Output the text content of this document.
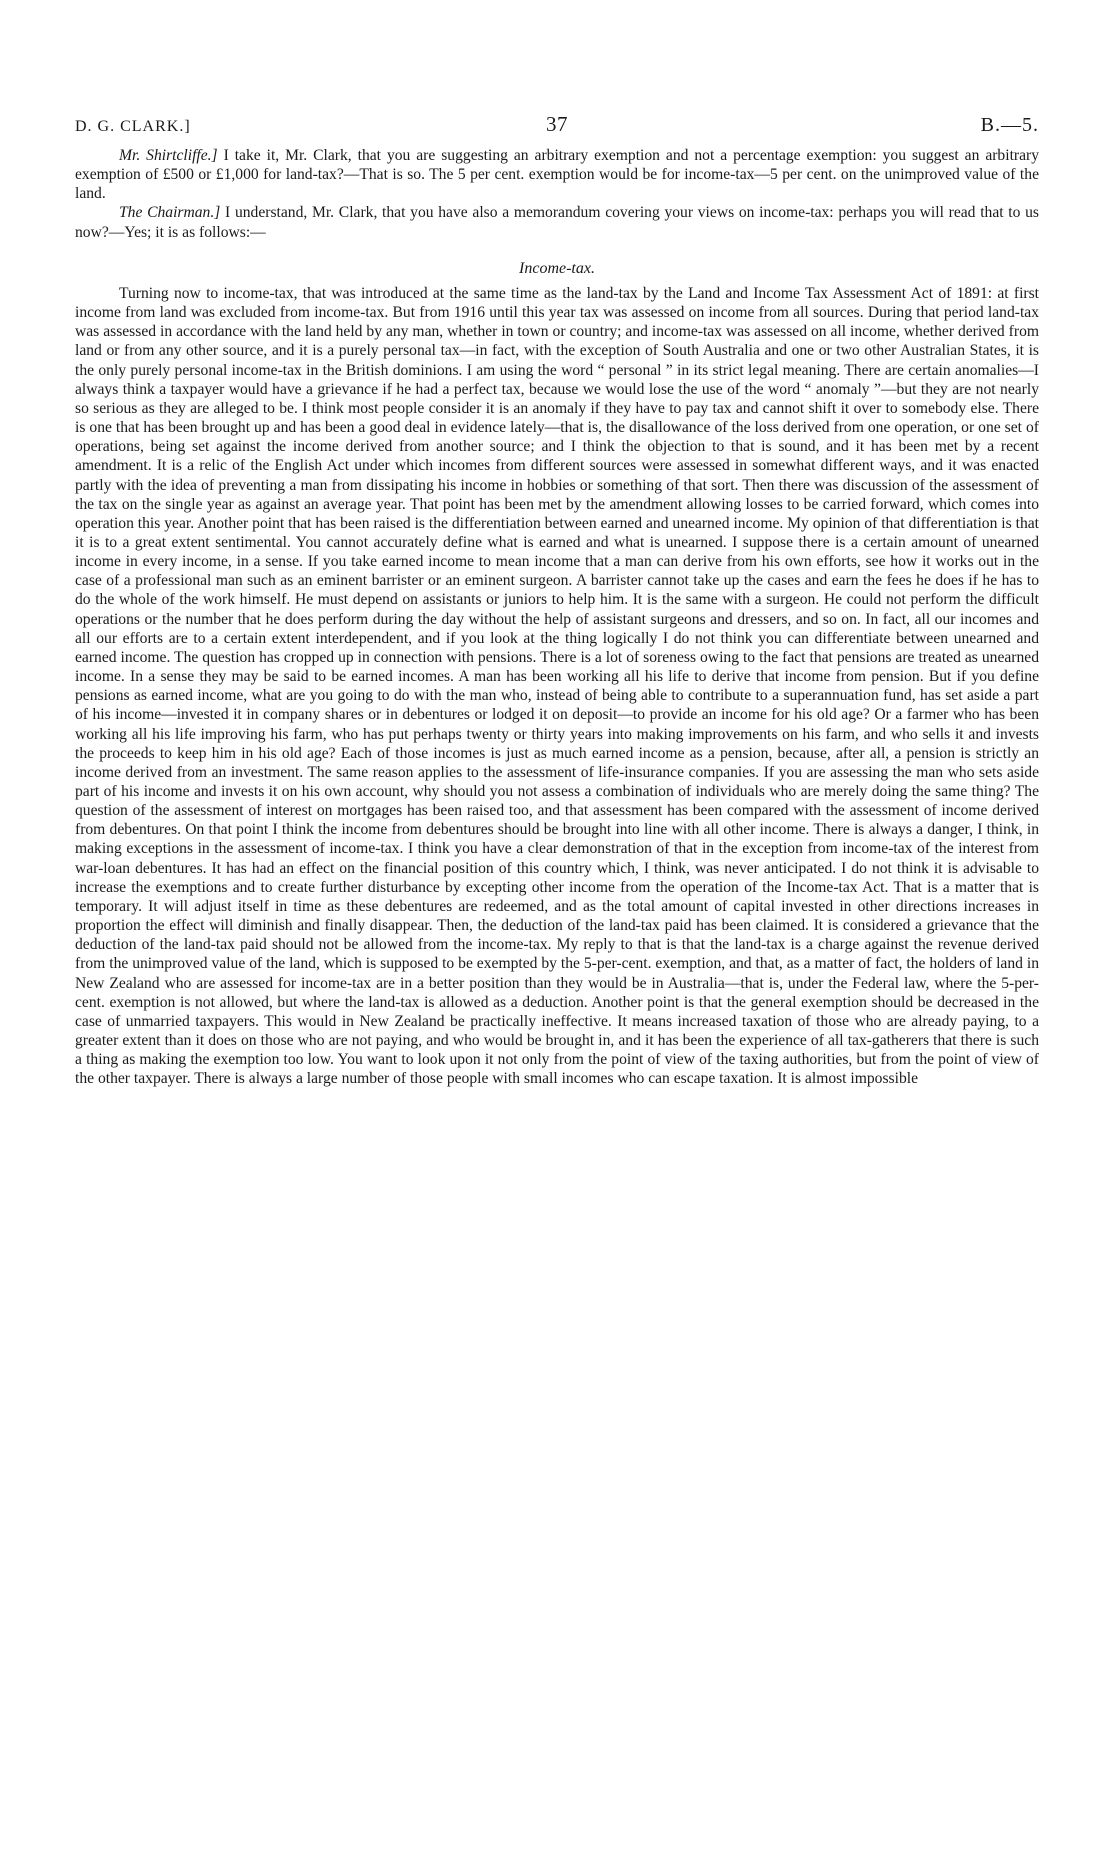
D. G. CLARK.]	37	B.—5.

Mr. Shirtcliffe.] I take it, Mr. Clark, that you are suggesting an arbitrary exemption and not a percentage exemption: you suggest an arbitrary exemption of £500 or £1,000 for land-tax?—That is so. The 5 per cent. exemption would be for income-tax—5 per cent. on the unimproved value of the land.

The Chairman.] I understand, Mr. Clark, that you have also a memorandum covering your views on income-tax: perhaps you will read that to us now?—Yes; it is as follows:—

Income-tax.

Turning now to income-tax, that was introduced at the same time as the land-tax by the Land and Income Tax Assessment Act of 1891: at first income from land was excluded from income-tax. But from 1916 until this year tax was assessed on income from all sources. During that period land-tax was assessed in accordance with the land held by any man, whether in town or country; and income-tax was assessed on all income, whether derived from land or from any other source, and it is a purely personal tax—in fact, with the exception of South Australia and one or two other Australian States, it is the only purely personal income-tax in the British dominions. I am using the word “ personal ” in its strict legal meaning. There are certain anomalies—I always think a taxpayer would have a grievance if he had a perfect tax, because we would lose the use of the word “ anomaly ”—but they are not nearly so serious as they are alleged to be. I think most people consider it is an anomaly if they have to pay tax and cannot shift it over to somebody else. There is one that has been brought up and has been a good deal in evidence lately—that is, the disallowance of the loss derived from one operation, or one set of operations, being set against the income derived from another source; and I think the objection to that is sound, and it has been met by a recent amendment. It is a relic of the English Act under which incomes from different sources were assessed in somewhat different ways, and it was enacted partly with the idea of preventing a man from dissipating his income in hobbies or something of that sort. Then there was discussion of the assessment of the tax on the single year as against an average year. That point has been met by the amendment allowing losses to be carried forward, which comes into operation this year. Another point that has been raised is the differentiation between earned and unearned income. My opinion of that differentiation is that it is to a great extent sentimental. You cannot accurately define what is earned and what is unearned. I suppose there is a certain amount of unearned income in every income, in a sense. If you take earned income to mean income that a man can derive from his own efforts, see how it works out in the case of a professional man such as an eminent barrister or an eminent surgeon. A barrister cannot take up the cases and earn the fees he does if he has to do the whole of the work himself. He must depend on assistants or juniors to help him. It is the same with a surgeon. He could not perform the difficult operations or the number that he does perform during the day without the help of assistant surgeons and dressers, and so on. In fact, all our incomes and all our efforts are to a certain extent interdependent, and if you look at the thing logically I do not think you can differentiate between unearned and earned income. The question has cropped up in connection with pensions. There is a lot of soreness owing to the fact that pensions are treated as unearned income. In a sense they may be said to be earned incomes. A man has been working all his life to derive that income from pension. But if you define pensions as earned income, what are you going to do with the man who, instead of being able to contribute to a superannuation fund, has set aside a part of his income—invested it in company shares or in debentures or lodged it on deposit—to provide an income for his old age? Or a farmer who has been working all his life improving his farm, who has put perhaps twenty or thirty years into making improvements on his farm, and who sells it and invests the proceeds to keep him in his old age? Each of those incomes is just as much earned income as a pension, because, after all, a pension is strictly an income derived from an investment. The same reason applies to the assessment of life-insurance companies. If you are assessing the man who sets aside part of his income and invests it on his own account, why should you not assess a combination of individuals who are merely doing the same thing? The question of the assessment of interest on mortgages has been raised too, and that assessment has been compared with the assessment of income derived from debentures. On that point I think the income from debentures should be brought into line with all other income. There is always a danger, I think, in making exceptions in the assessment of income-tax. I think you have a clear demonstration of that in the exception from income-tax of the interest from war-loan debentures. It has had an effect on the financial position of this country which, I think, was never anticipated. I do not think it is advisable to increase the exemptions and to create further disturbance by excepting other income from the operation of the Income-tax Act. That is a matter that is temporary. It will adjust itself in time as these debentures are redeemed, and as the total amount of capital invested in other directions increases in proportion the effect will diminish and finally disappear. Then, the deduction of the land-tax paid has been claimed. It is considered a grievance that the deduction of the land-tax paid should not be allowed from the income-tax. My reply to that is that the land-tax is a charge against the revenue derived from the unimproved value of the land, which is supposed to be exempted by the 5-per-cent. exemption, and that, as a matter of fact, the holders of land in New Zealand who are assessed for income-tax are in a better position than they would be in Australia—that is, under the Federal law, where the 5-per-cent. exemption is not allowed, but where the land-tax is allowed as a deduction. Another point is that the general exemption should be decreased in the case of unmarried taxpayers. This would in New Zealand be practically ineffective. It means increased taxation of those who are already paying, to a greater extent than it does on those who are not paying, and who would be brought in, and it has been the experience of all tax-gatherers that there is such a thing as making the exemption too low. You want to look upon it not only from the point of view of the taxing authorities, but from the point of view of the other taxpayer. There is always a large number of those people with small incomes who can escape taxation. It is almost impossible
